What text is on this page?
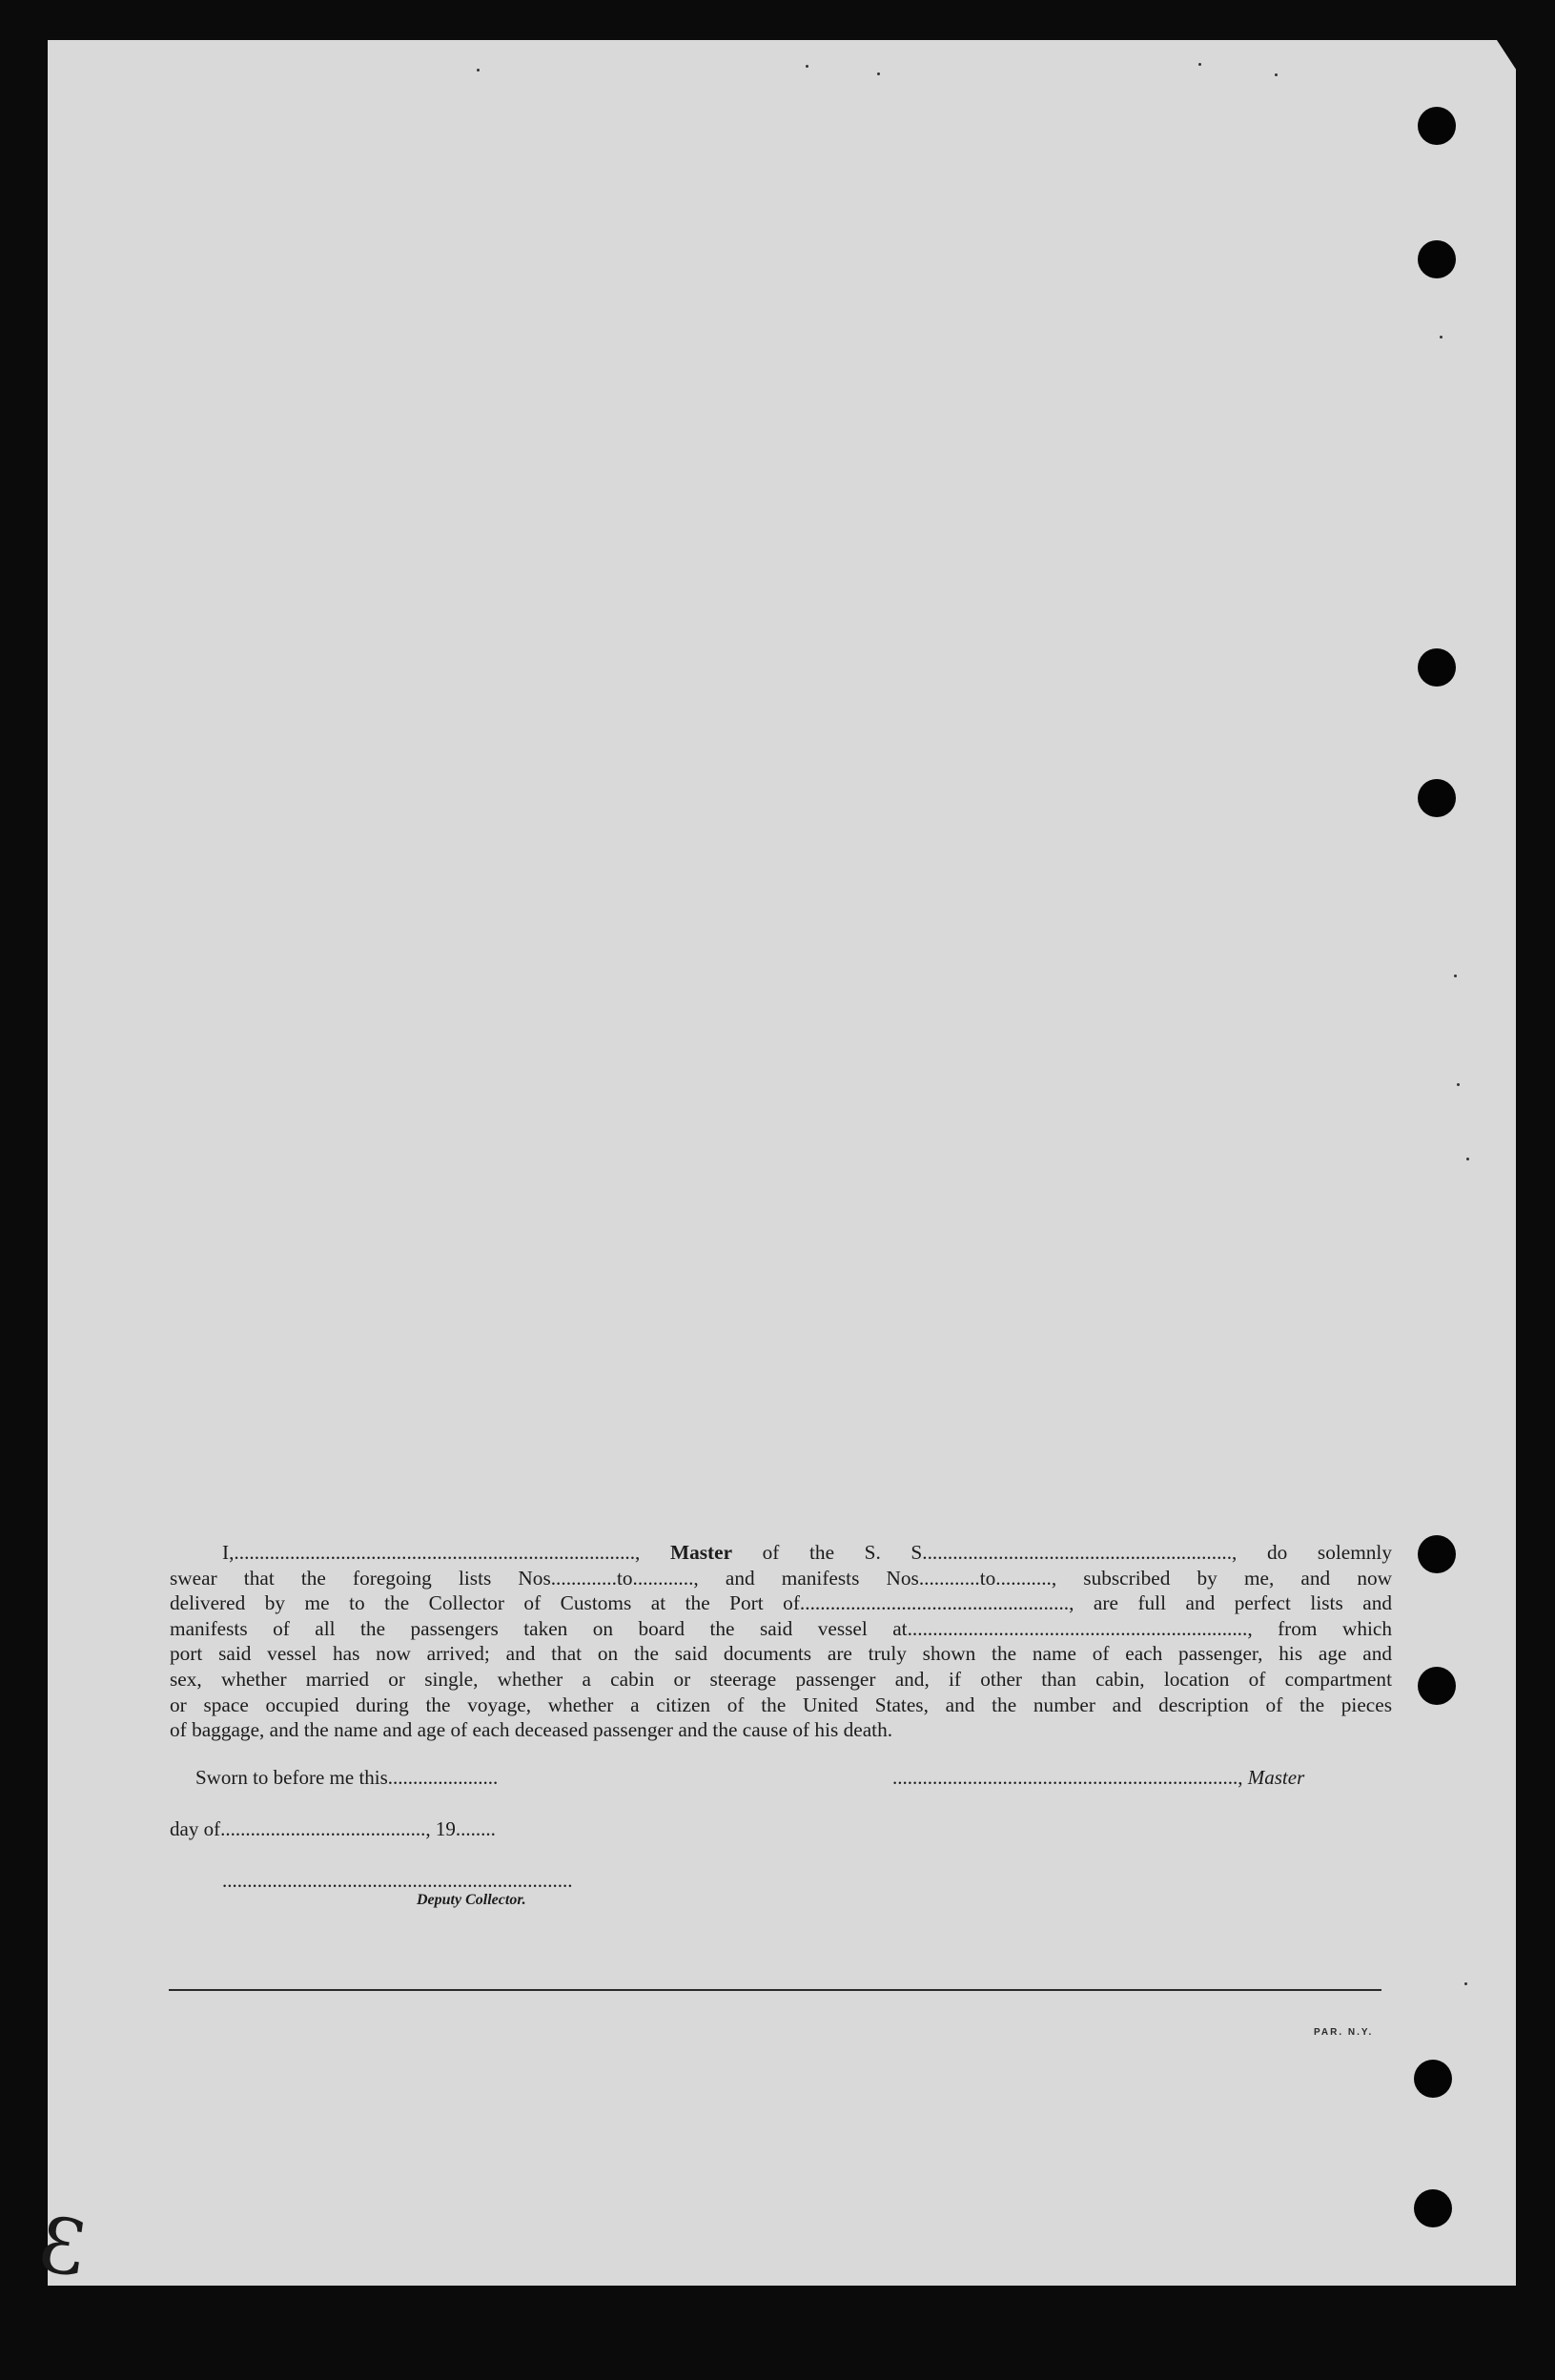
I,..............................................................................., Master of the S. S............................................................., do solemnly
swear that the foregoing lists Nos.............to............, and manifests Nos............to..........., subscribed by me, and now
delivered by me to the Collector of Customs at the Port of....................................................., are full and perfect lists and
manifests of all the passengers taken on board the said vessel at..................................................................., from which
port said vessel has now arrived; and that on the said documents are truly shown the name of each passenger, his age and
sex, whether married or single, whether a cabin or steerage passenger and, if other than cabin, location of compartment
or space occupied during the voyage, whether a citizen of the United States, and the number and description of the pieces
of baggage, and the name and age of each deceased passenger and the cause of his death.
Sworn to before me this......................	....................................................................., Master
day of........................................., 19........
......................................................................
Deputy Collector.
PAR. N.Y.
3
